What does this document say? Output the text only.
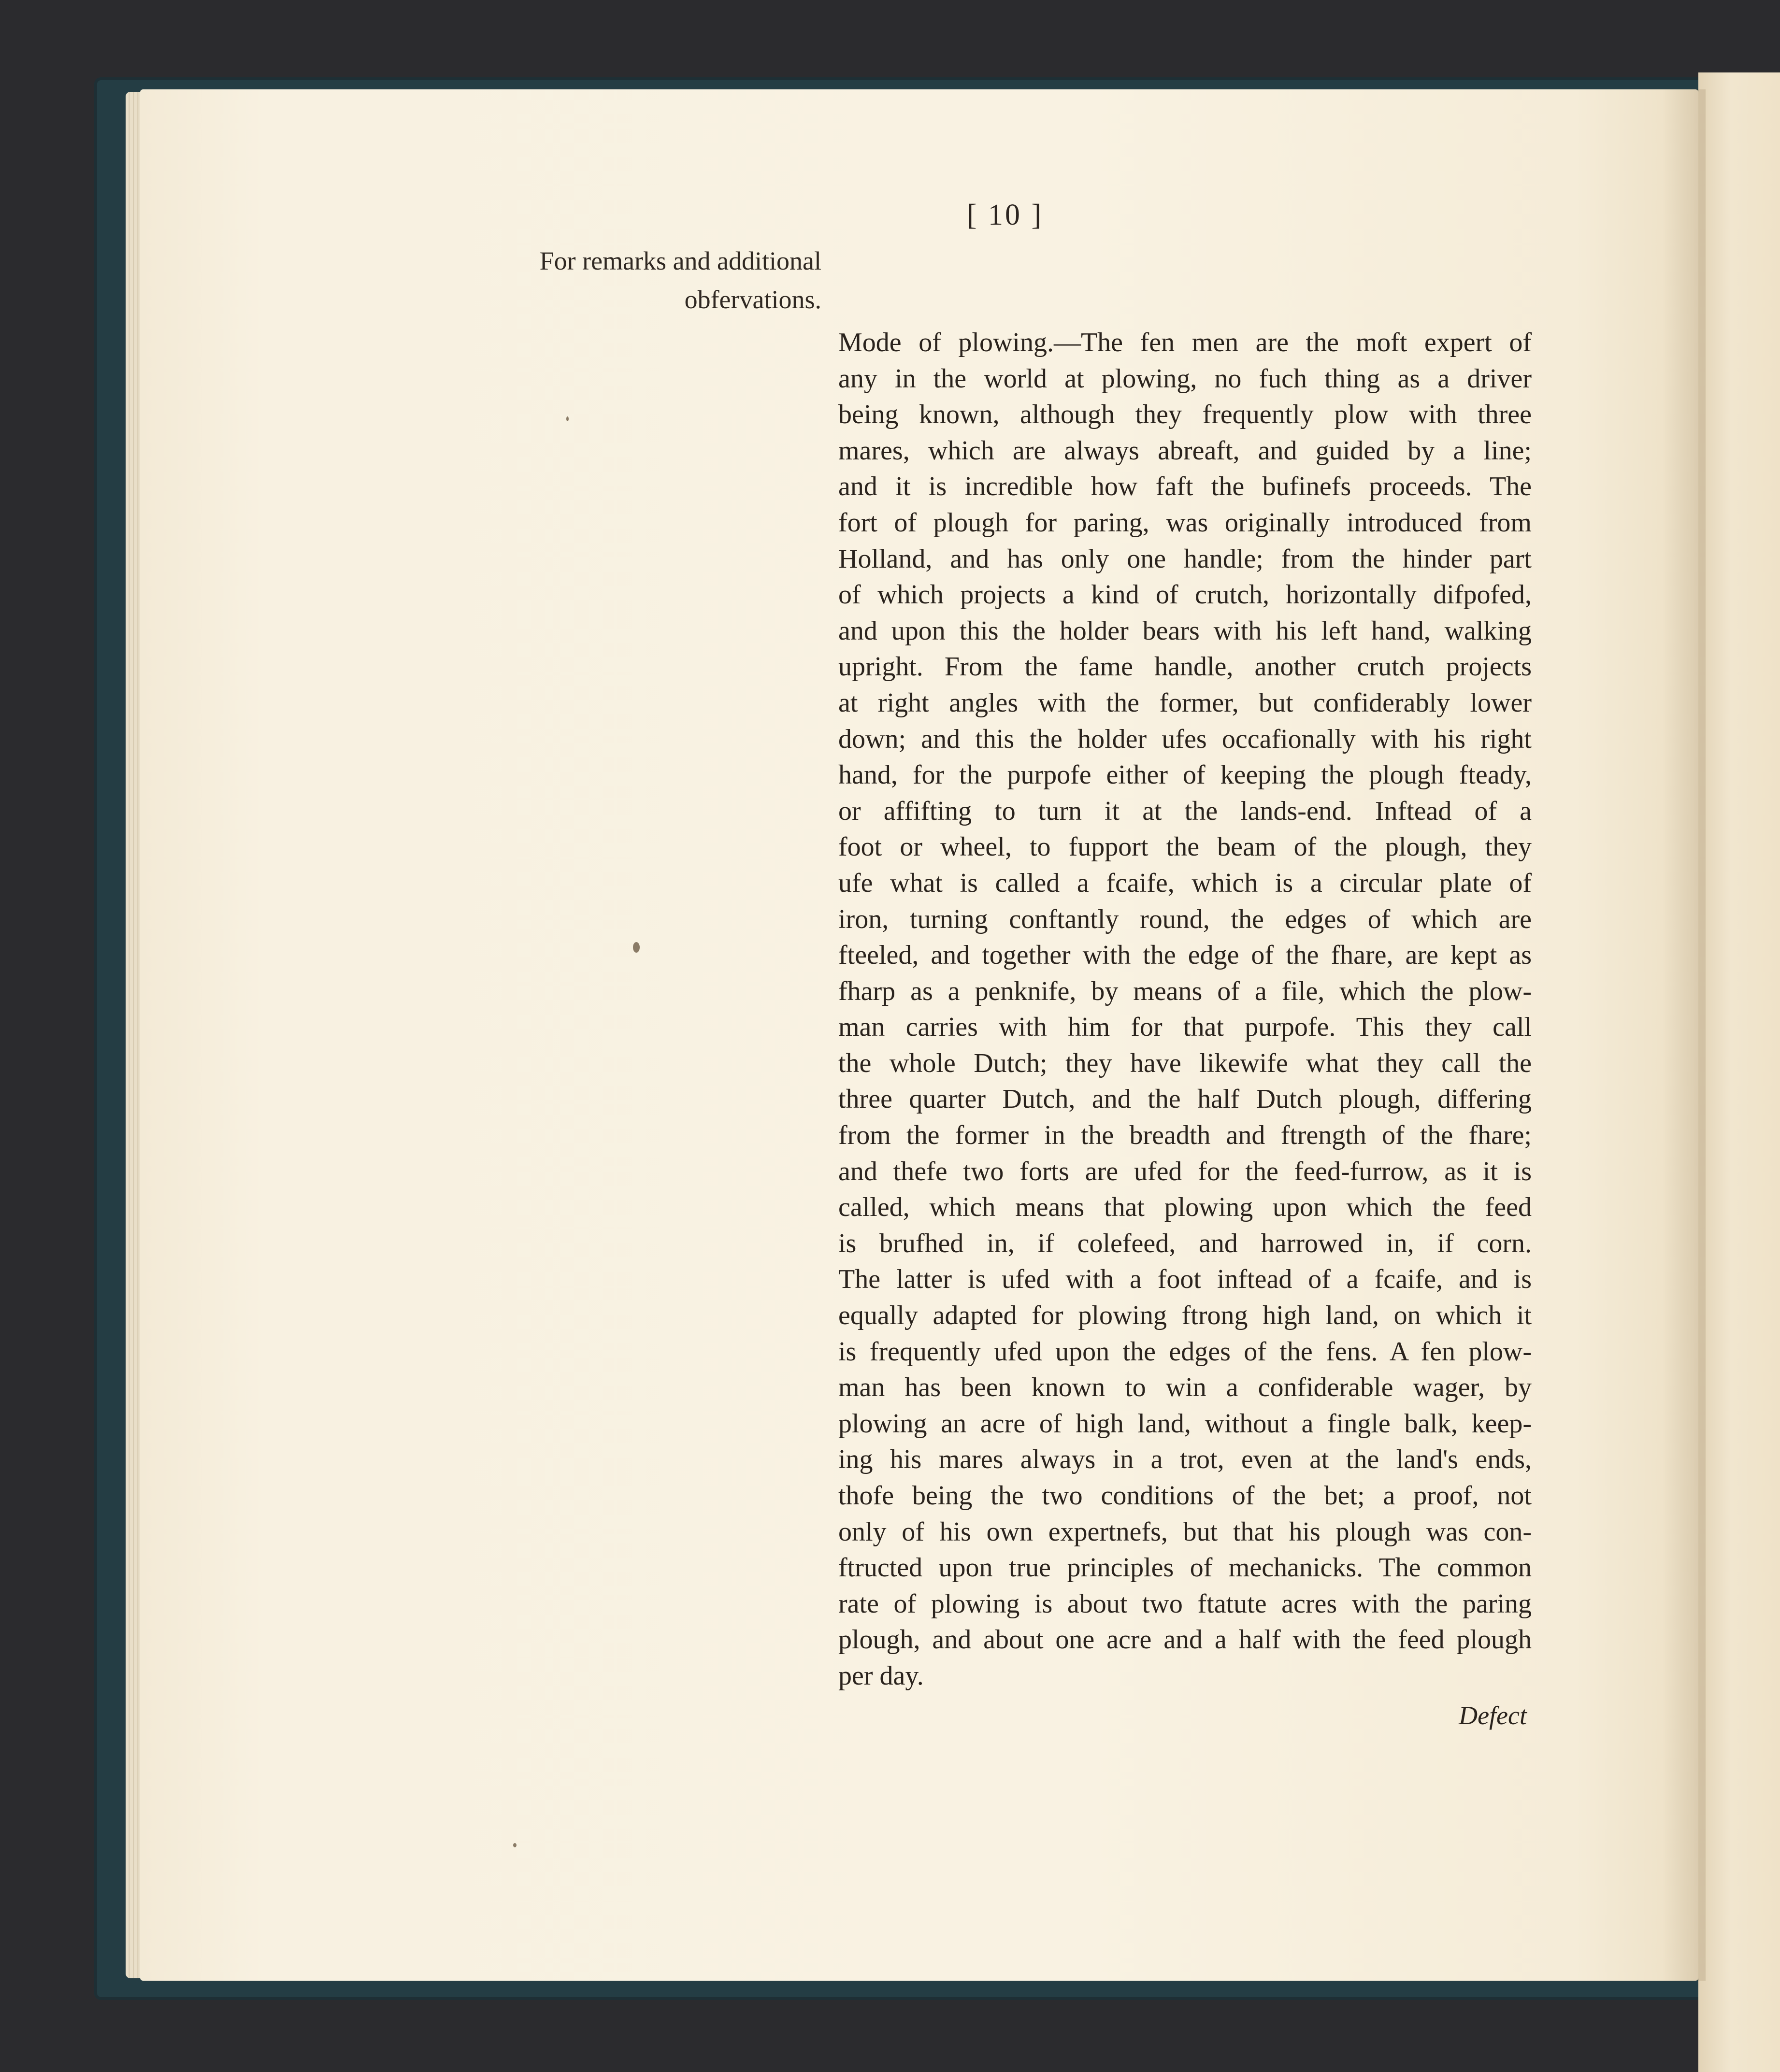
[ 10 ]
For remarks and additional
obfervations.
Mode of plowing.—The fen men are the moft expert of
any in the world at plowing, no fuch thing as a driver
being known, although they frequently plow with three
mares, which are always abreaft, and guided by a line;
and it is incredible how faft the bufinefs proceeds. The
fort of plough for paring, was originally introduced from
Holland, and has only one handle; from the hinder part
of which projects a kind of crutch, horizontally difpofed,
and upon this the holder bears with his left hand, walking
upright. From the fame handle, another crutch projects
at right angles with the former, but confiderably lower
down; and this the holder ufes occafionally with his right
hand, for the purpofe either of keeping the plough fteady,
or affifting to turn it at the lands-end. Inftead of a
foot or wheel, to fupport the beam of the plough, they
ufe what is called a fcaife, which is a circular plate of
iron, turning conftantly round, the edges of which are
fteeled, and together with the edge of the fhare, are kept as
fharp as a penknife, by means of a file, which the plow-
man carries with him for that purpofe. This they call
the whole Dutch; they have likewife what they call the
three quarter Dutch, and the half Dutch plough, differing
from the former in the breadth and ftrength of the fhare;
and thefe two forts are ufed for the feed-furrow, as it is
called, which means that plowing upon which the feed
is brufhed in, if colefeed, and harrowed in, if corn.
The latter is ufed with a foot inftead of a fcaife, and is
equally adapted for plowing ftrong high land, on which it
is frequently ufed upon the edges of the fens. A fen plow-
man has been known to win a confiderable wager, by
plowing an acre of high land, without a fingle balk, keep-
ing his mares always in a trot, even at the land's ends,
thofe being the two conditions of the bet; a proof, not
only of his own expertnefs, but that his plough was con-
ftructed upon true principles of mechanicks. The common
rate of plowing is about two ftatute acres with the paring
plough, and about one acre and a half with the feed plough
per day.
Defect
